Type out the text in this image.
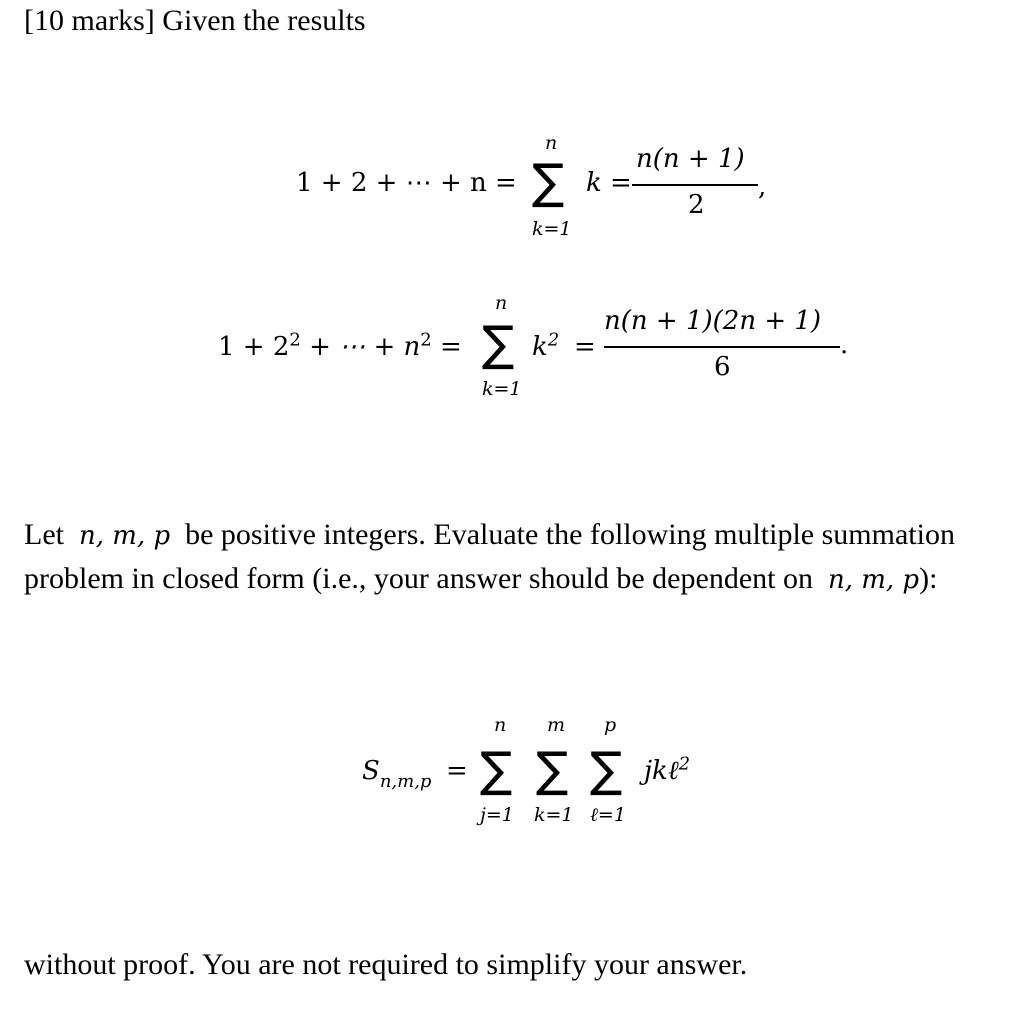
[10 marks] Given the results
1 + 2 + ⋯ + n =
n
∑
k=1
k =
n(n + 1)
2
,
$1 + 2^2$ + ⋯ + $n^2$ =
n
∑
k=1
$k^2$ =
n(n + 1)(2n + 1)
6
.
Let n, m, p be positive integers. Evaluate the following multiple summation
problem in closed form (i.e., your answer should be dependent on n, m, p):
$S_{n,m,p}$ =
n
∑
j=1
m
∑
k=1
p
∑
ℓ=1
jkℓ$^2$
without proof. You are not required to simplify your answer.
